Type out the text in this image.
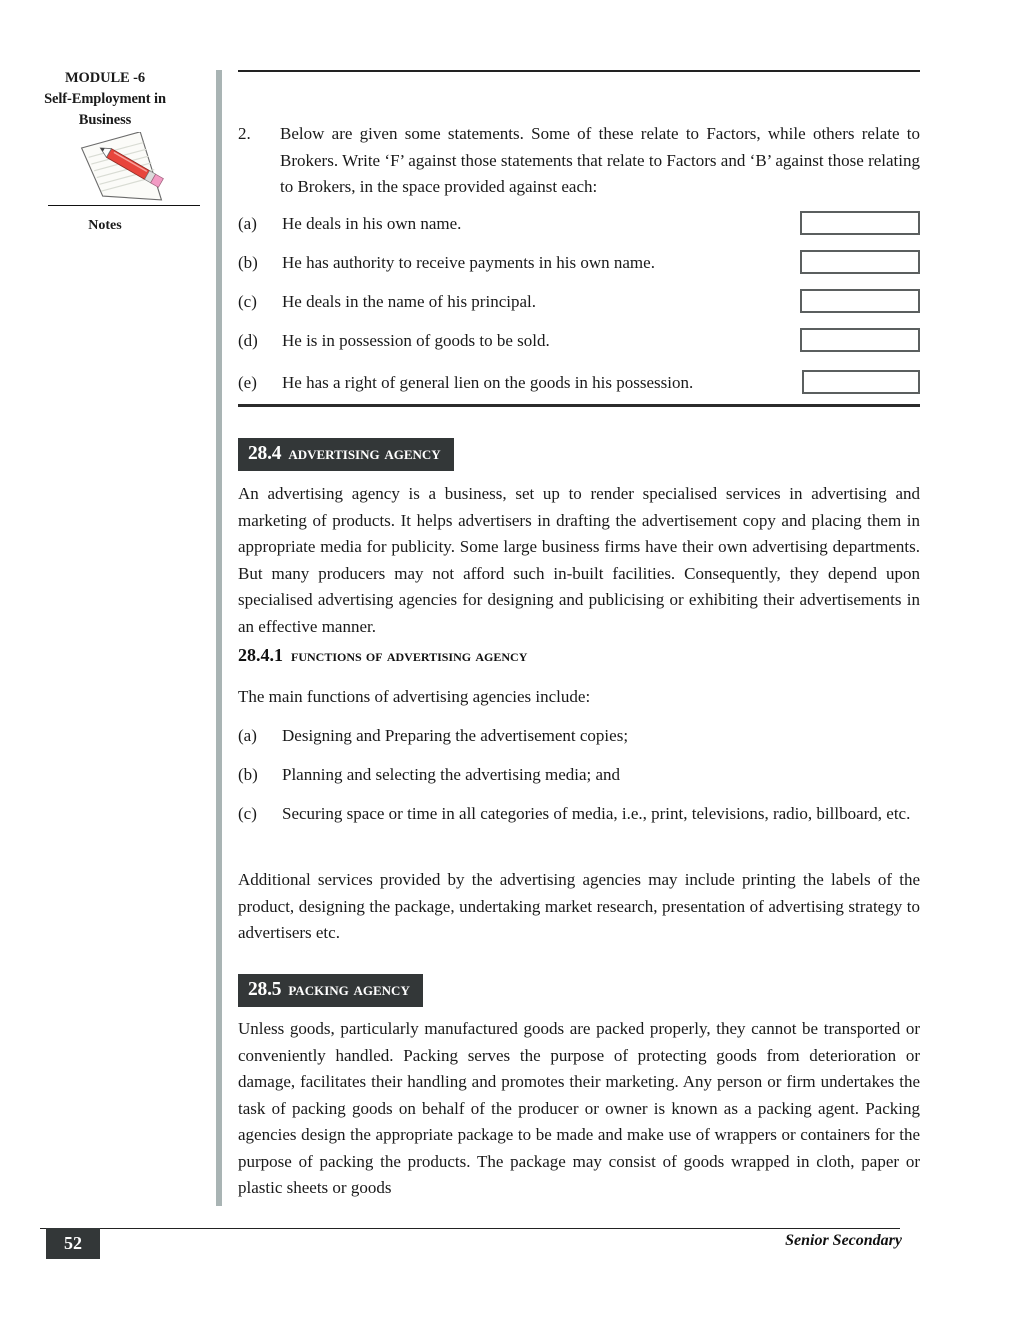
MODULE -6
Self-Employment in
Business
Notes
2.	Below are given some statements. Some of these relate to Factors, while others relate to Brokers. Write ‘F’ against those statements that relate to Factors and ‘B’ against those relating to Brokers, in the space provided against each:
(a)	He deals in his own name.
(b)	He has authority to receive payments in his own name.
(c)	He deals in the name of his principal.
(d)	He is in possession of goods to be sold.
(e)	He has a right of general lien on the goods in his possession.
28.4 advertising agency
An advertising agency is a business, set up to render specialised services in advertising and marketing of products. It helps advertisers in drafting the advertisement copy and placing them in appropriate media for publicity. Some large business firms have their own advertising departments. But many producers may not afford such in-built facilities. Consequently, they depend upon specialised advertising agencies for designing and publicising or exhibiting their advertisements in an effective manner.
28.4.1 functions of advertising agency
The main functions of advertising agencies include:
(a)	Designing and Preparing the advertisement copies;
(b)	Planning and selecting the advertising media; and
(c)	Securing space or time in all categories of media, i.e., print, televisions, radio, billboard, etc.
Additional services provided by the advertising agencies may include printing the labels of the product, designing the package, undertaking market research, presentation of advertising strategy to advertisers etc.
28.5 packing agency
Unless goods, particularly manufactured goods are packed properly, they cannot be transported or conveniently handled. Packing serves the purpose of protecting goods from deterioration or damage, facilitates their handling and promotes their marketing. Any person or firm undertakes the task of packing goods on behalf of the producer or owner is known as a packing agent. Packing agencies design the appropriate package to be made and make use of wrappers or containers for the purpose of packing the products. The package may consist of goods wrapped in cloth, paper or plastic sheets or goods
52	Senior Secondary
